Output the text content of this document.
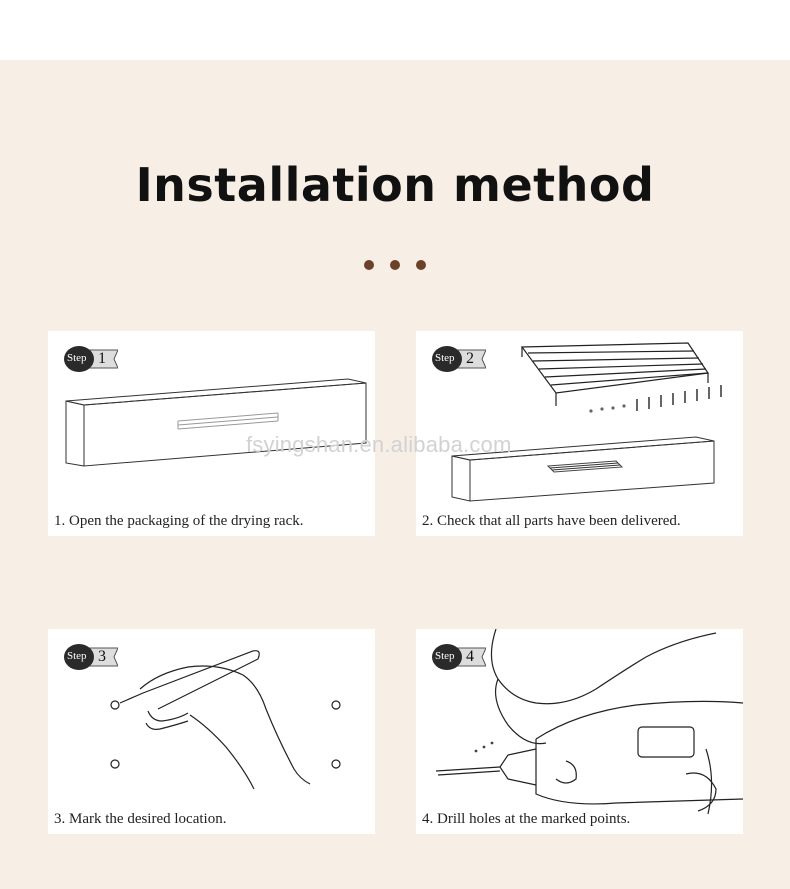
Installation method
Step 1

1. Open the packaging of the drying rack.

Step 2

2. Check that all parts have been delivered.

Step 3

3. Mark the desired location.

Step 4

4. Drill holes at the marked points.

fsyingshan.en.alibaba.com
